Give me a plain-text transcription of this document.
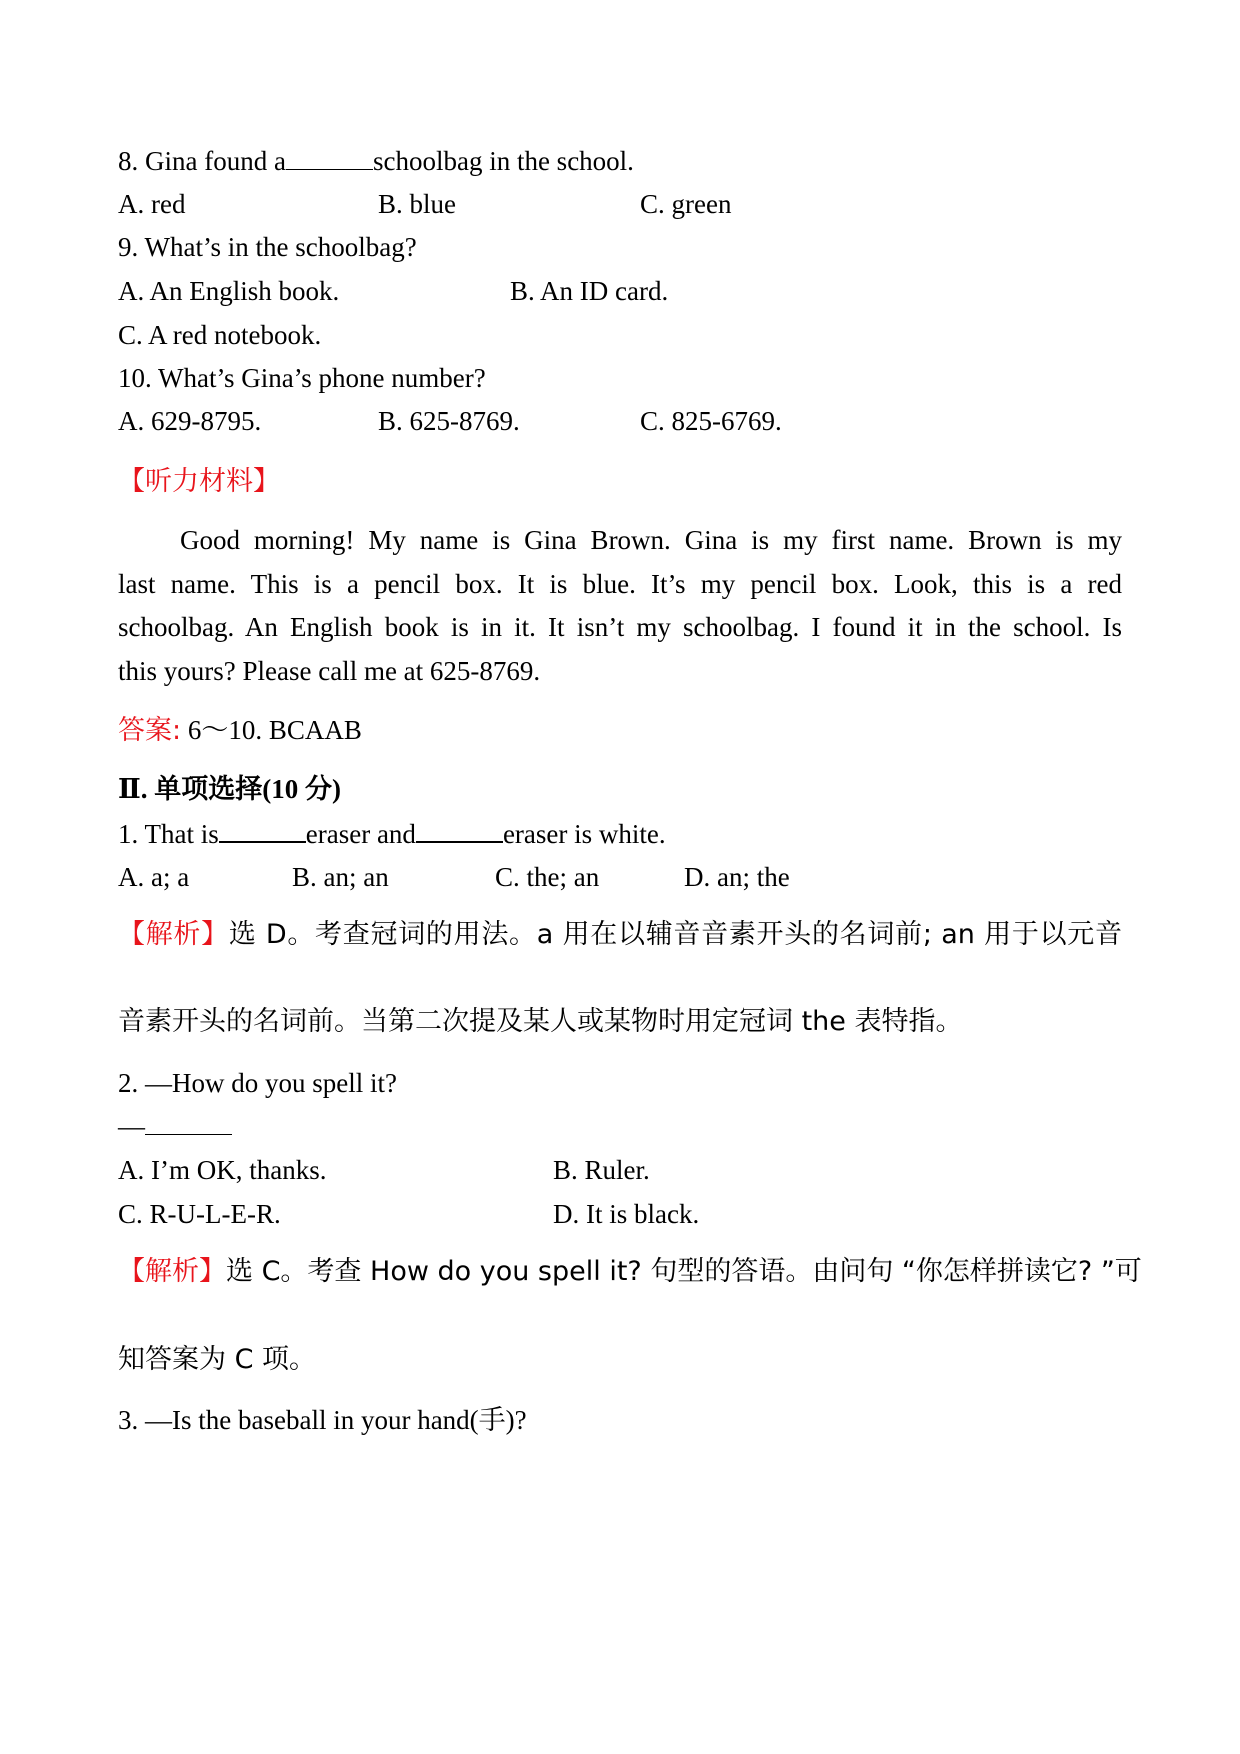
8. Gina found a	schoolbag in the school.
A. red	B. blue	C. green
9. What’s in the schoolbag?
A. An English book.	B. An ID card.
C. A red notebook.
10. What’s Gina’s phone number?
A. 629-8795.	B. 625-8769.	C. 825-6769.
【听力材料】
Good morning! My name is Gina Brown. Gina is my first name. Brown is my
last name. This is a pencil box. It is blue. It’s my pencil box. Look, this is a red
schoolbag. An English book is in it. It isn’t my schoolbag. I found it in the school. Is
this yours? Please call me at 625-8769.
答案: 6～10. BCAAB
Ⅱ. 单项选择(10 分)
1. That is	eraser and	eraser is white.
A. a; a	B. an; an	C. the; an	D. an; the
【解析】选 D。考查冠词的用法。a 用在以辅音音素开头的名词前; an 用于以元音
音素开头的名词前。当第二次提及某人或某物时用定冠词 the 表特指。
2. —How do you spell it?
—
A. I’m OK, thanks.	B. Ruler.
C. R-U-L-E-R.	D. It is black.
【解析】选 C。考查 How do you spell it? 句型的答语。由问句 “你怎样拼读它? ”可
知答案为 C 项。
3. —Is the baseball in your hand(手)?
